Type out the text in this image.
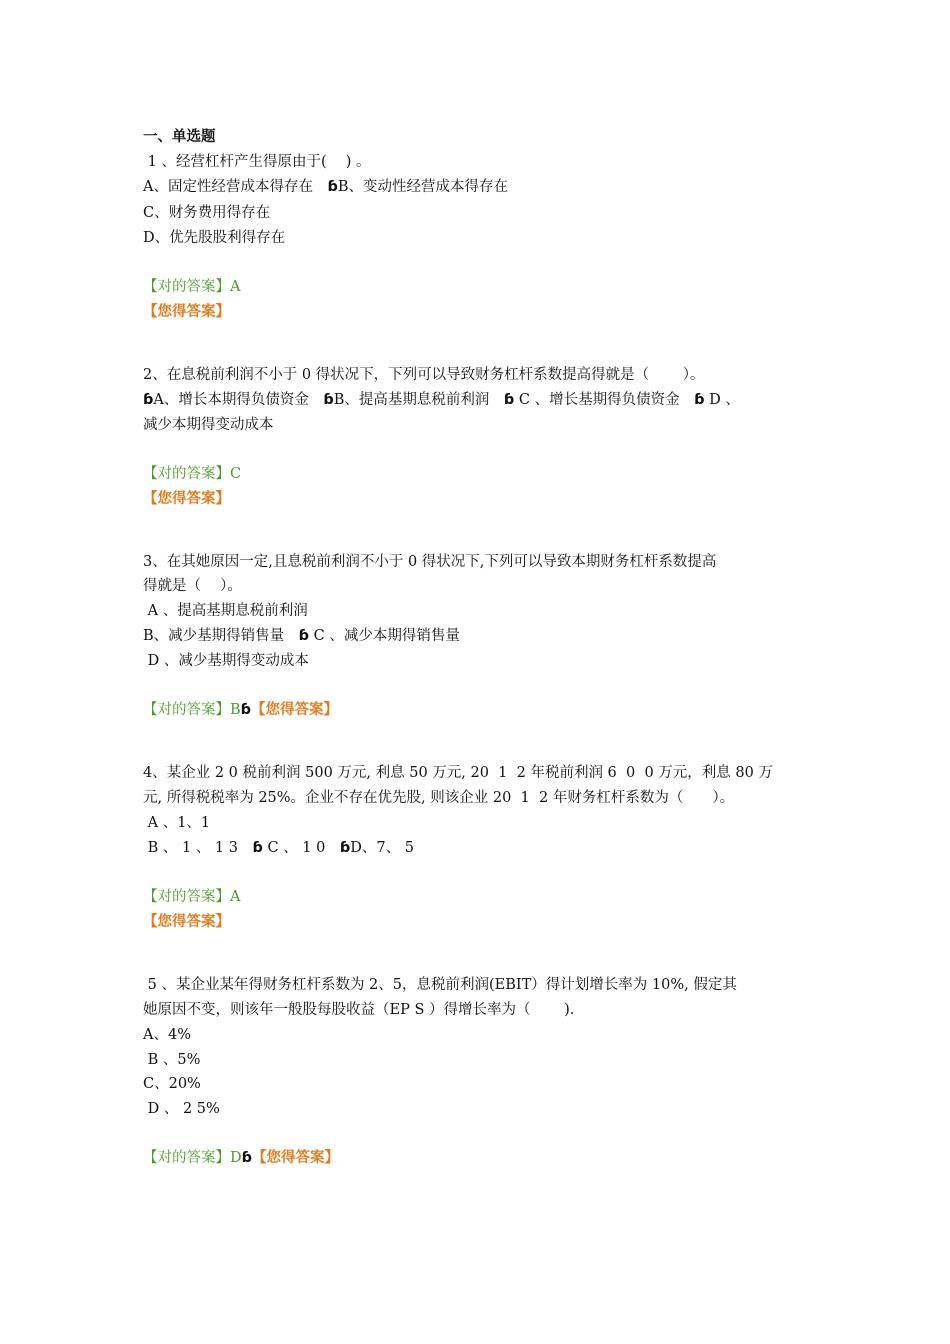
一、单选题
1 、经营杠杆产生得原由于(　 ) 。
A、固定性经营成本得存在　ɓB、变动性经营成本得存在
C、财务费用得存在
D、优先股股利得存在
【对的答案】A
【您得答案】
2、在息税前利润不小于 0 得状况下，下列可以导致财务杠杆系数提高得就是（　　 ）。
ɓA、增长本期得负债资金　ɓB、提高基期息税前利润　ɓ C 、增长基期得负债资金　ɓ D 、
减少本期得变动成本
【对的答案】C
【您得答案】
3、在其她原因一定,且息税前利润不小于 0 得状况下,下列可以导致本期财务杠杆系数提高
得就是（　 ）。
A 、提高基期息税前利润
B、减少基期得销售量　ɓ C 、减少本期得销售量
D 、减少基期得变动成本
【对的答案】Bɓ【您得答案】
4、某企业 2 0 税前利润 500 万元, 利息 50 万元, 20  1  2 年税前利润 6  0  0 万元，利息 80 万
元, 所得税税率为 25%。企业不存在优先股, 则该企业 20  1  2 年财务杠杆系数为（　　）。
A 、1、1
B 、 1 、 1 3　ɓ C 、 1 0　ɓD、7、 5
【对的答案】A
【您得答案】
5 、某企业某年得财务杠杆系数为 2、5，息税前利润(EBIT）得计划增长率为 10%, 假定其
她原因不变，则该年一般股每股收益（EP S ）得增长率为（　　 ).
A、4%
B 、5%
C、20%
D 、 2 5%
【对的答案】Dɓ【您得答案】
